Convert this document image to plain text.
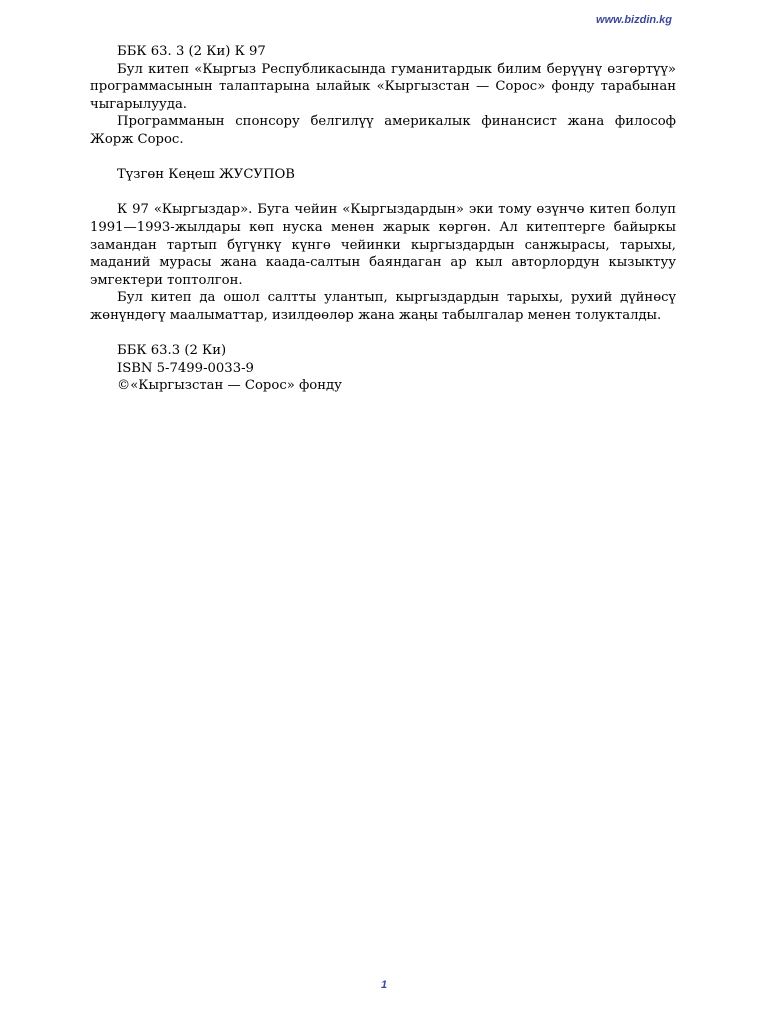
www.bizdin.kg

ББК 63. 3 (2 Ки) К 97

Бул китеп «Кыргыз Республикасында гуманитардык билим берүүнү өзгөртүү» программасынын талаптарына ылайык «Кыргызстан — Сорос» фонду тарабынан чыгарылууда.

Программанын спонсору белгилүү америкалык финансист жана философ Жорж Сорос.

Түзгөн Кеңеш ЖУСУПОВ

К 97 «Кыргыздар». Буга чейин «Кыргыздардын» эки тому өзүнчө китеп болуп 1991—1993-жылдары көп нуска менен жарык көргөн. Ал китептерге байыркы замандан тартып бүгүнкү күнгө чейинки кыргыздардын санжырасы, тарыхы, маданий мурасы жана каада-салтын баяндаган ар кыл авторлордун кызыктуу эмгектери топтолгон.

Бул китеп да ошол салтты улантып, кыргыздардын тарыхы, рухий дүйнөсү жөнүндөгү маалыматтар, изилдөөлөр жана жаңы табылгалар менен толукталды.

ББК 63.3 (2 Ки)

ISBN 5-7499-0033-9

©«Кыргызстан — Сорос» фонду

1
